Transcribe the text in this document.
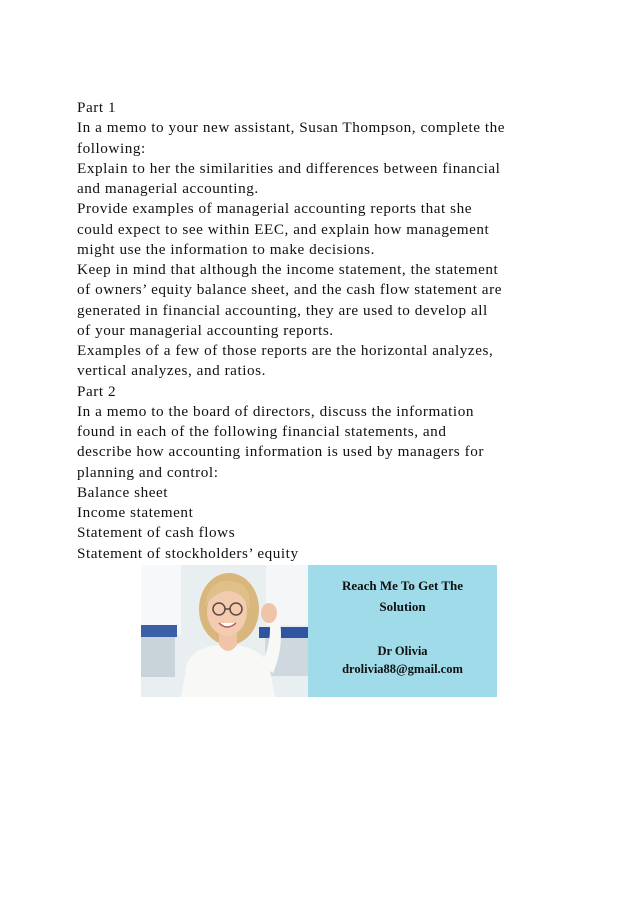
Part 1
In a memo to your new assistant, Susan Thompson, complete the
following:
Explain to her the similarities and differences between financial
and managerial accounting.
Provide examples of managerial accounting reports that she
could expect to see within EEC, and explain how management
might use the information to make decisions.
Keep in mind that although the income statement, the statement
of owners’ equity balance sheet, and the cash flow statement are
generated in financial accounting, they are used to develop all
of your managerial accounting reports.
Examples of a few of those reports are the horizontal analyzes,
vertical analyzes, and ratios.
Part 2
In a memo to the board of directors, discuss the information
found in each of the following financial statements, and
describe how accounting information is used by managers for
planning and control:
Balance sheet
Income statement
Statement of cash flows
Statement of stockholders’ equity
Reach Me To Get The
Solution
Dr Olivia
drolivia88@gmail.com
